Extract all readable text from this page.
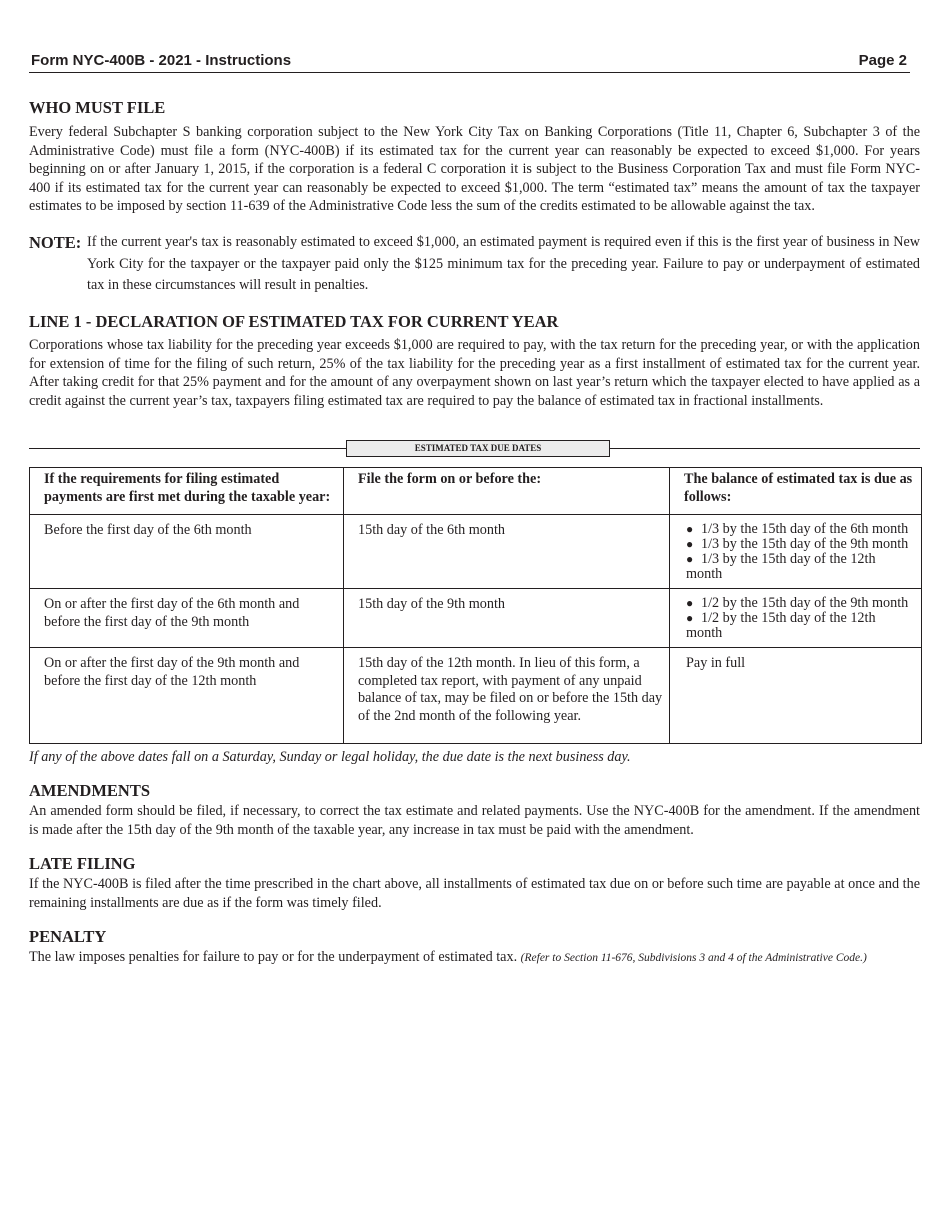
Form NYC-400B - 2021 - Instructions	Page 2
WHO MUST FILE

Every federal Subchapter S banking corporation subject to the New York City Tax on Banking Corporations (Title 11, Chapter 6, Subchapter 3 of the Administrative Code) must file a form (NYC-400B) if its estimated tax for the current year can reasonably be expected to exceed $1,000. For years beginning on or after January 1, 2015, if the corporation is a federal C corporation it is subject to the Business Corporation Tax and must file Form NYC-400 if its estimated tax for the current year can reasonably be expected to exceed $1,000. The term “estimated tax” means the amount of tax the taxpayer estimates to be imposed by section 11-639 of the Administrative Code less the sum of the credits estimated to be allowable against the tax.

NOTE: If the current year's tax is reasonably estimated to exceed $1,000, an estimated payment is required even if this is the first year of business in New York City for the taxpayer or the taxpayer paid only the $125 minimum tax for the preceding year. Failure to pay or underpayment of estimated tax in these circumstances will result in penalties.
LINE 1 - DECLARATION OF ESTIMATED TAX FOR CURRENT YEAR

Corporations whose tax liability for the preceding year exceeds $1,000 are required to pay, with the tax return for the preceding year, or with the application for extension of time for the filing of such return, 25% of the tax liability for the preceding year as a first installment of estimated tax for the current year. After taking credit for that 25% payment and for the amount of any overpayment shown on last year’s return which the taxpayer elected to have applied as a credit against the current year’s tax, taxpayers filing estimated tax are required to pay the balance of estimated tax in fractional installments.

ESTIMATED TAX DUE DATES
If the requirements for filing estimated payments are first met during the taxable year:	File the form on or before the:	The balance of estimated tax is due as follows:
Before the first day of the 6th month	15th day of the 6th month	● 1/3 by the 15th day of the 6th month
● 1/3 by the 15th day of the 9th month
● 1/3 by the 15th day of the 12th month

On or after the first day of the 6th month and before the first day of the 9th month	15th day of the 9th month	● 1/2 by the 15th day of the 9th month
● 1/2 by the 15th day of the 12th month

On or after the first day of the 9th month and before the first day of the 12th month	15th day of the 12th month. In lieu of this form, a completed tax report, with payment of any unpaid balance of tax, may be filed on or before the 15th day of the 2nd month of the following year.	Pay in full

If any of the above dates fall on a Saturday, Sunday or legal holiday, the due date is the next business day.

AMENDMENTS

An amended form should be filed, if necessary, to correct the tax estimate and related payments. Use the NYC-400B for the amendment. If the amendment is made after the 15th day of the 9th month of the taxable year, any increase in tax must be paid with the amendment.

LATE FILING

If the NYC-400B is filed after the time prescribed in the chart above, all installments of estimated tax due on or before such time are payable at once and the remaining installments are due as if the form was timely filed.

PENALTY

The law imposes penalties for failure to pay or for the underpayment of estimated tax. (Refer to Section 11-676, Subdivisions 3 and 4 of the Administrative Code.)
